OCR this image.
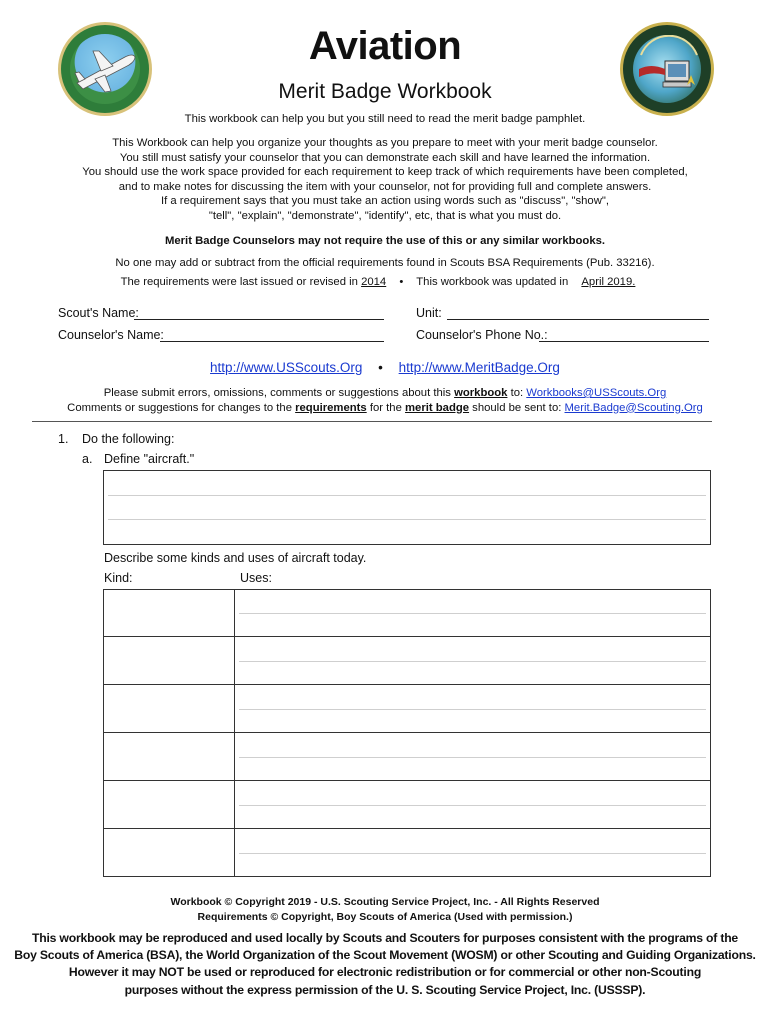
Aviation
Merit Badge Workbook
This workbook can help you but you still need to read the merit badge pamphlet.
This Workbook can help you organize your thoughts as you prepare to meet with your merit badge counselor.
You still must satisfy your counselor that you can demonstrate each skill and have learned the information.
You should use the work space provided for each requirement to keep track of which requirements have been completed,
and to make notes for discussing the item with your counselor, not for providing full and complete answers.
If a requirement says that you must take an action using words such as "discuss", "show",
"tell", "explain", "demonstrate", "identify", etc, that is what you must do.
Merit Badge Counselors may not require the use of this or any similar workbooks.
No one may add or subtract from the official requirements found in Scouts BSA Requirements (Pub. 33216).
The requirements were last issued or revised in 2014 • This workbook was updated in April 2019.
Scout's Name:	Unit:
Counselor's Name:	Counselor's Phone No.:
http://www.USScouts.Org • http://www.MeritBadge.Org
Please submit errors, omissions, comments or suggestions about this workbook to: Workbooks@USScouts.Org
Comments or suggestions for changes to the requirements for the merit badge should be sent to: Merit.Badge@Scouting.Org
1. Do the following:
a. Define "aircraft."
Describe some kinds and uses of aircraft today.
Kind:	Uses:
Workbook © Copyright 2019 - U.S. Scouting Service Project, Inc. - All Rights Reserved
Requirements © Copyright, Boy Scouts of America (Used with permission.)
This workbook may be reproduced and used locally by Scouts and Scouters for purposes consistent with the programs of the
Boy Scouts of America (BSA), the World Organization of the Scout Movement (WOSM) or other Scouting and Guiding Organizations.
However it may NOT be used or reproduced for electronic redistribution or for commercial or other non-Scouting
purposes without the express permission of the U. S. Scouting Service Project, Inc. (USSSP).
